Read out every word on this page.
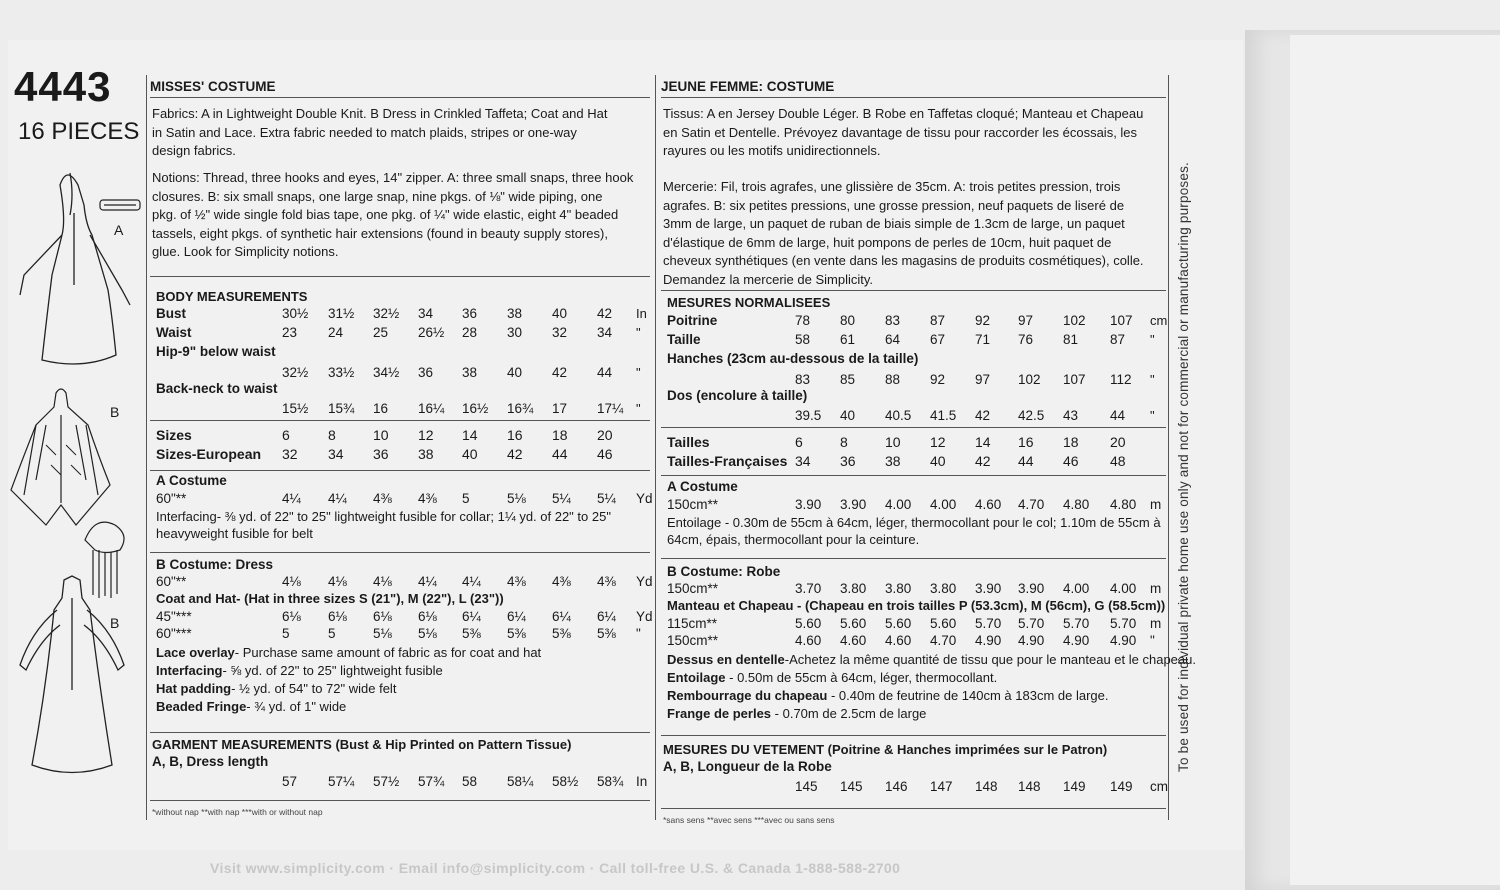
4443
16 PIECES
A
B
B
MISSES' COSTUME
Fabrics: A in Lightweight Double Knit. B Dress in Crinkled Taffeta; Coat and Hat
in Satin and Lace. Extra fabric needed to match plaids, stripes or one-way
design fabrics.
Notions: Thread, three hooks and eyes, 14" zipper. A: three small snaps, three hook
closures. B: six small snaps, one large snap, nine pkgs. of ⅛" wide piping, one
pkg. of ½" wide single fold bias tape, one pkg. of ¼" wide elastic, eight 4" beaded
tassels, eight pkgs. of synthetic hair extensions (found in beauty supply stores),
glue. Look for Simplicity notions.
BODY MEASUREMENTS
Bust	30½ 31½ 32½ 34 36 38 40 42 In
Waist	23 24 25 26½ 28 30 32 34 "
Hip-9" below waist
32½ 33½ 34½ 36 38 40 42 44 "
Back-neck to waist
15½ 15¾ 16 16¼ 16½ 16¾ 17 17¼ "
Sizes	6	8	10 12 14 16 18 20
Sizes-European 32 34 36 38 40 42 44 46
A Costume
60"**	4¼ 4¼ 4⅜ 4⅜ 5	5⅛ 5¼ 5¼ Yd
Interfacing- ⅜ yd. of 22" to 25" lightweight fusible for collar; 1¼ yd. of 22" to 25"
heavyweight fusible for belt
B Costume: Dress
60"**	4⅛ 4⅛ 4⅛ 4¼ 4¼ 4⅜ 4⅜ 4⅜ Yd
Coat and Hat- (Hat in three sizes S (21"), M (22"), L (23"))
45"***	6⅛ 6⅛ 6⅛ 6⅛ 6¼ 6¼ 6¼ 6¼ Yd
60"***	5	5	5⅛ 5⅛ 5⅜ 5⅜ 5⅜ 5⅜ "
Lace overlay- Purchase same amount of fabric as for coat and hat
Interfacing- ⅝ yd. of 22" to 25" lightweight fusible
Hat padding- ½ yd. of 54" to 72" wide felt
Beaded Fringe- ¾ yd. of 1" wide
GARMENT MEASUREMENTS (Bust & Hip Printed on Pattern Tissue)
A, B, Dress length
57 57¼ 57½ 57¾ 58 58¼ 58½ 58¾ In
*without nap **with nap ***with or without nap
JEUNE FEMME: COSTUME
Tissus: A en Jersey Double Léger. B Robe en Taffetas cloqué; Manteau et Chapeau
en Satin et Dentelle. Prévoyez davantage de tissu pour raccorder les écossais, les
rayures ou les motifs unidirectionnels.
Mercerie: Fil, trois agrafes, une glissière de 35cm. A: trois petites pression, trois
agrafes. B: six petites pressions, une grosse pression, neuf paquets de liseré de
3mm de large, un paquet de ruban de biais simple de 1.3cm de large, un paquet
d'élastique de 6mm de large, huit pompons de perles de 10cm, huit paquet de
cheveux synthétiques (en vente dans les magasins de produits cosmétiques), colle.
Demandez la mercerie de Simplicity.
MESURES NORMALISEES
Poitrine	78 80 83 87 92 97 102 107 cm
Taille	58 61 64 67 71 76 81 87 "
Hanches (23cm au-dessous de la taille)
83 85 88 92 97 102 107 112 "
Dos (encolure à taille)
39.5 40 40.5 41.5 42 42.5 43 44 "
Tailles	6	8	10 12 14 16 18 20
Tailles-Françaises 34 36 38 40 42 44 46 48
A Costume
150cm**	3.90 3.90 4.00 4.00 4.60 4.70 4.80 4.80 m
Entoilage - 0.30m de 55cm à 64cm, léger, thermocollant pour le col; 1.10m de 55cm à
64cm, épais, thermocollant pour la ceinture.
B Costume: Robe
150cm**	3.70 3.80 3.80 3.80 3.90 3.90 4.00 4.00 m
Manteau et Chapeau - (Chapeau en trois tailles P (53.3cm), M (56cm), G (58.5cm))
115cm**	5.60 5.60 5.60 5.60 5.70 5.70 5.70 5.70 m
150cm**	4.60 4.60 4.60 4.70 4.90 4.90 4.90 4.90 "
Dessus en dentelle-Achetez la même quantité de tissu que pour le manteau et le chapeau.
Entoilage - 0.50m de 55cm à 64cm, léger, thermocollant.
Rembourrage du chapeau - 0.40m de feutrine de 140cm à 183cm de large.
Frange de perles - 0.70m de 2.5cm de large
MESURES DU VETEMENT (Poitrine & Hanches imprimées sur le Patron)
A, B, Longueur de la Robe
145 145 146 147 148 148 149 149 cm
*sans sens **avec sens ***avec ou sans sens
To be used for individual private home use only and not for commercial or manufacturing purposes.
Visit www.simplicity.com · Email info@simplicity.com · Call toll-free U.S. & Canada 1-888-588-2700
